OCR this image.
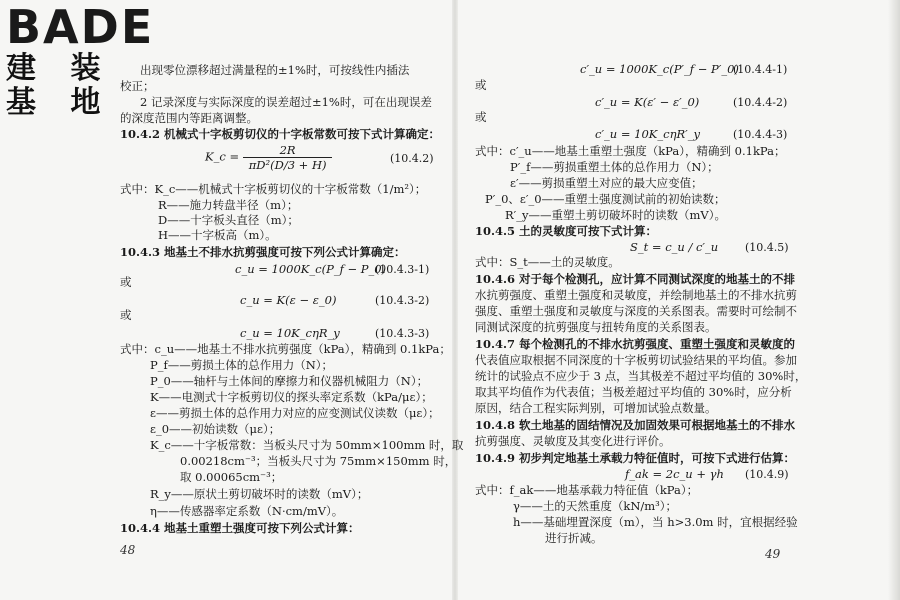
出现零位漂移超过满量程的±1%时，可按线性内插法
校正；
2 记录深度与实际深度的误差超过±1%时，可在出现误差
的深度范围内等距离调整。
10.4.2 机械式十字板剪切仪的十字板常数可按下式计算确定：
K_c = $\frac{2R}{\text{πD²(D/3 + H)}}$	(10.4.2)
式中：K_c——机械式十字板剪切仪的十字板常数（1/m²）；
R——施力转盘半径（m）；
D——十字板头直径（m）；
H——十字板高（m）。
10.4.3 地基土不排水抗剪强度可按下列公式计算确定：
c_u = 1000K_c(P_f − P_0)
(10.4.3-1)
或
c_u = K(ε − ε_0)	(10.4.3-2)
或
c_u = 10K_cηR_y	(10.4.3-3)
式中：c_u——地基土不排水抗剪强度（kPa），精确到 0.1kPa；
P_f——剪损土体的总作用力（N）；
P_0——轴杆与土体间的摩擦力和仪器机械阻力（N）；
K——电测式十字板剪切仪的探头率定系数（kPa/με）；
ε——剪损土体的总作用力对应的应变测试仪读数（με）；
ε_0——初始读数（με）；
K_c——十字板常数：当板头尺寸为 50mm×100mm 时，取
0.00218cm⁻³；当板头尺寸为 75mm×150mm 时，
取 0.00065cm⁻³；
R_y——原状土剪切破坏时的读数（mV）；
η——传感器率定系数（N·cm/mV）。
10.4.4 地基土重塑土强度可按下列公式计算：
48
c′_u = 1000K_c(P′_f − P′_0)
(10.4.4-1)
或
c′_u = K(ε′ − ε′_0)	(10.4.4-2)
或
c′_u = 10K_cηR′_y	(10.4.4-3)
式中：c′_u——地基土重塑土强度（kPa），精确到 0.1kPa；
P′_f——剪损重塑土体的总作用力（N）；
ε′——剪损重塑土对应的最大应变值；
P′_0、ε′_0——重塑土强度测试前的初始读数；
R′_y——重塑土剪切破坏时的读数（mV）。
10.4.5 土的灵敏度可按下式计算：
S_t = c_u / c′_u (10.4.5)
式中：S_t——土的灵敏度。
10.4.6 对于每个检测孔，应计算不同测试深度的地基土的不排
水抗剪强度、重塑土强度和灵敏度，并绘制地基土的不排水抗剪
强度、重塑土强度和灵敏度与深度的关系图表。需要时可绘制不
同测试深度的抗剪强度与扭转角度的关系图表。
10.4.7 每个检测孔的不排水抗剪强度、重塑土强度和灵敏度的
代表值应取根据不同深度的十字板剪切试验结果的平均值。参加
统计的试验点不应少于 3 点，当其极差不超过平均值的 30%时，
取其平均值作为代表值；当极差超过平均值的 30%时，应分析
原因，结合工程实际判别，可增加试验点数量。
10.4.8 软土地基的固结情况及加固效果可根据地基土的不排水
抗剪强度、灵敏度及其变化进行评价。
10.4.9 初步判定地基土承载力特征值时，可按下式进行估算：
f_ak = 2c_u + γh (10.4.9)
式中：f_ak——地基承载力特征值（kPa）；
γ——土的天然重度（kN/m³）；
h——基础埋置深度（m），当 h>3.0m 时，宜根据经验
进行折减。
49
BADE
建 装 基 地
